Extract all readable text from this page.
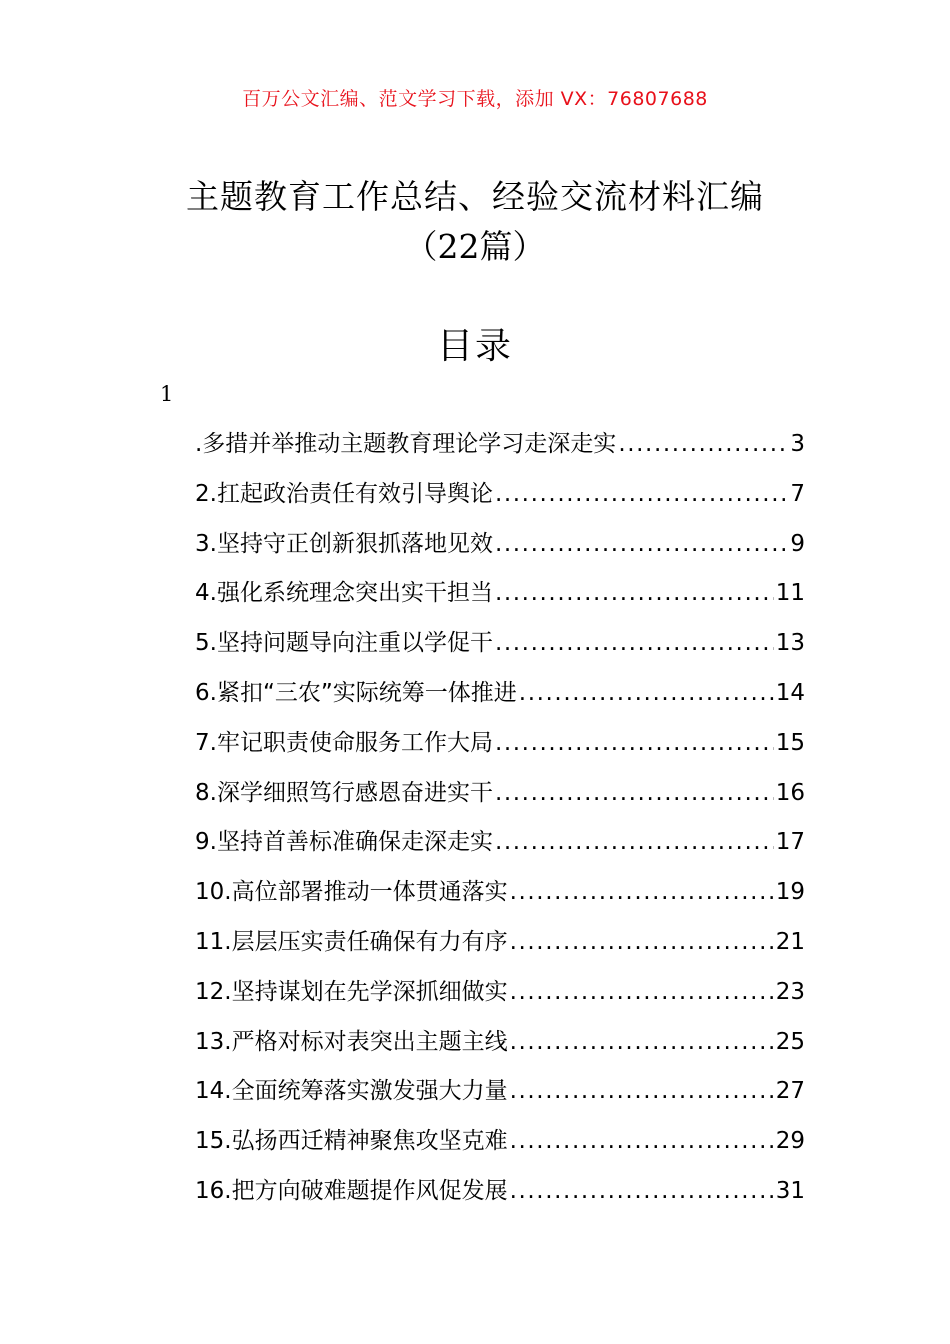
百万公文汇编、范文学习下载，添加 VX：76807688
主题教育工作总结、经验交流材料汇编
（22篇）
目录
1
.多措并举推动主题教育理论学习走深走实 .....	3
2.扛起政治责任有效引导舆论 .....	7
3.坚持守正创新狠抓落地见效 .....	9
4.强化系统理念突出实干担当 .....	11
5.坚持问题导向注重以学促干 .....	13
6.紧扣“三农”实际统筹一体推进 .....	14
7.牢记职责使命服务工作大局 .....	15
8.深学细照笃行感恩奋进实干 .....	16
9.坚持首善标准确保走深走实 .....	17
10.高位部署推动一体贯通落实 .....	19
11.层层压实责任确保有力有序 .....	21
12.坚持谋划在先学深抓细做实 .....	23
13.严格对标对表突出主题主线 .....	25
14.全面统筹落实激发强大力量 .....	27
15.弘扬西迁精神聚焦攻坚克难 .....	29
16.把方向破难题提作风促发展 .....	31
